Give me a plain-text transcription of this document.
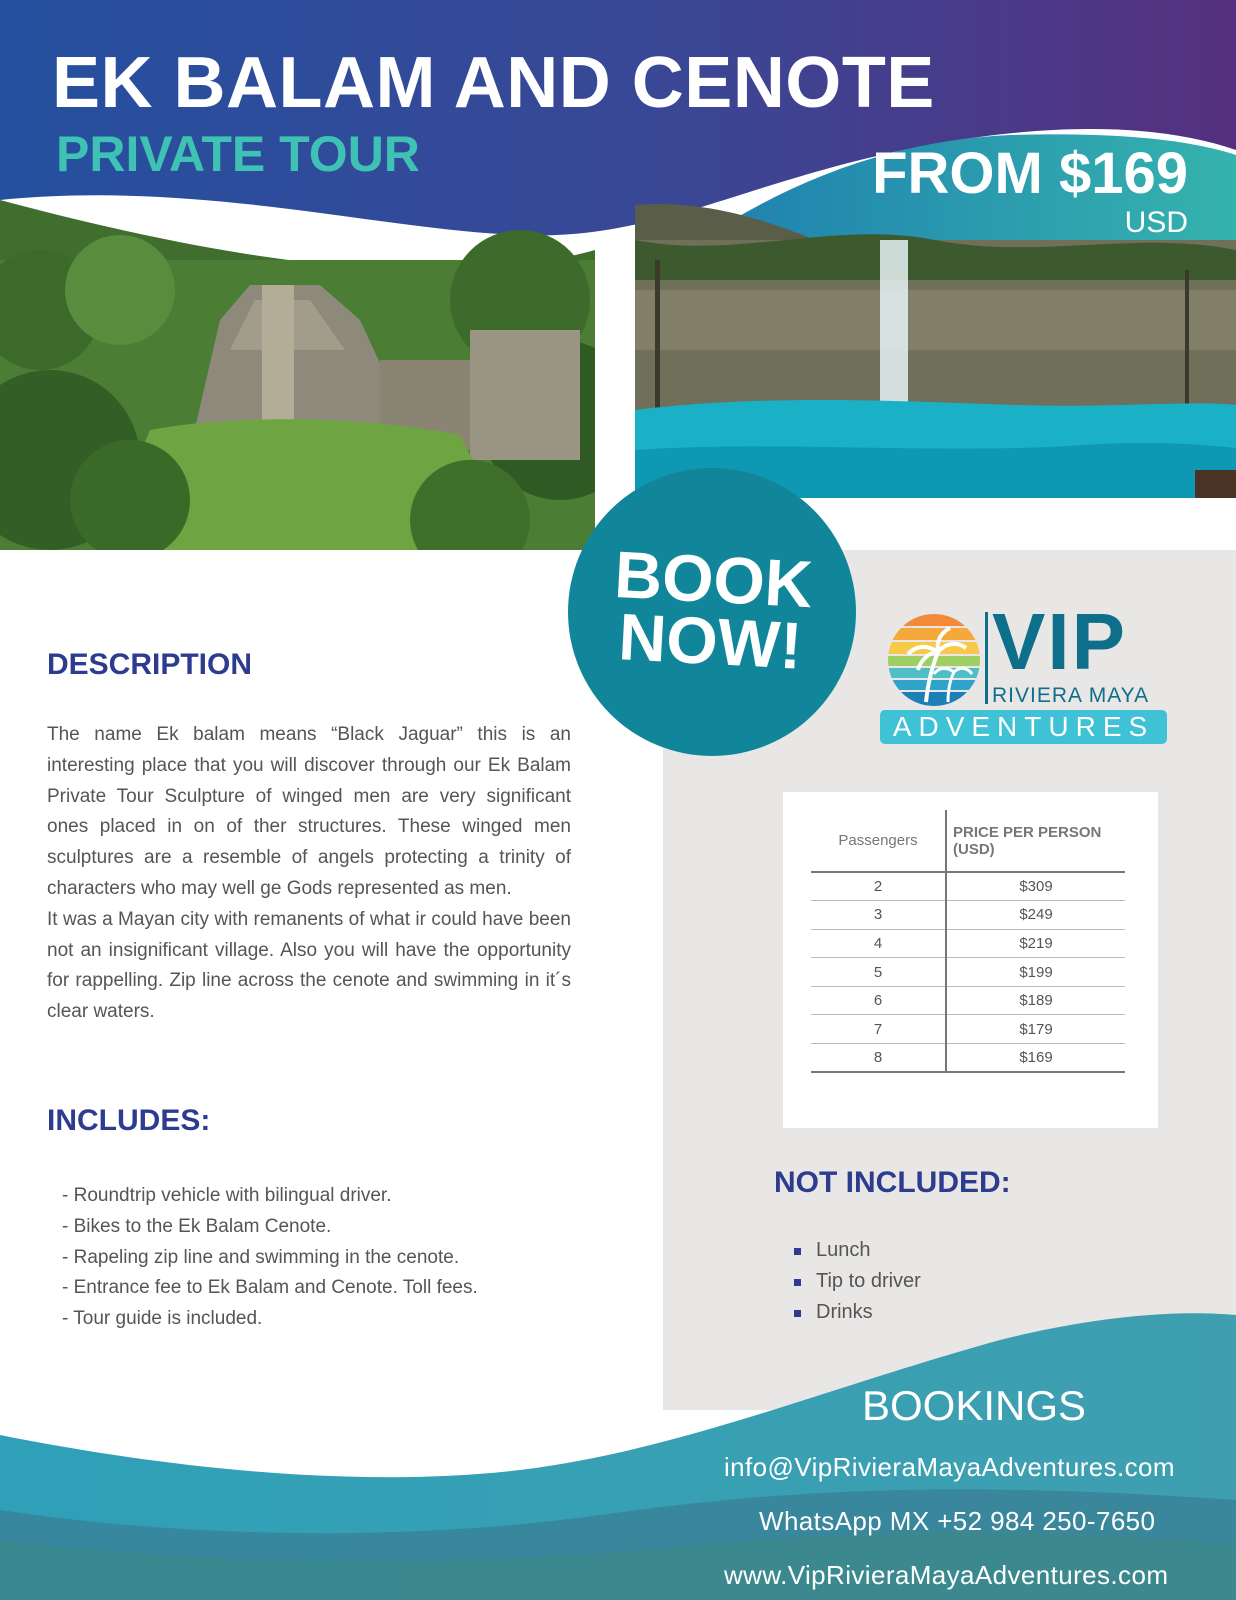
EK BALAM AND CENOTE
PRIVATE TOUR	FROM $169
USD
BOOK
NOW!	VIP
RIVIERA MAYA
ADVENTURES
DESCRIPTION

The name Ek balam means “Black Jaguar” this is an interesting place that you will discover through our Ek Balam Private Tour Sculpture of winged men are very significant ones placed in on of ther structures. These winged men sculptures are a resemble of angels protecting a trinity of characters who may well ge Gods represented as men.

It was a Mayan city with remanents of what ir could have been not an insignificant village. Also you will have the opportunity for rappelling. Zip line across the cenote and swimming in it´s clear waters.

INCLUDES:
- Roundtrip vehicle with bilingual driver.
- Bikes to the Ek Balam Cenote.
- Rapeling zip line and swimming in the cenote.
- Entrance fee to Ek Balam and Cenote. Toll fees.
- Tour guide is included.
Passengers	PRICE PER PERSON (USD)
2	$309
3	$249
4	$219
5	$199
6	$189
7	$179
8	$169
NOT INCLUDED:
Lunch
Tip to driver
Drinks
BOOKINGS
info@VipRivieraMayaAdventures.com
WhatsApp MX +52 984 250-7650
www.VipRivieraMayaAdventures.com
